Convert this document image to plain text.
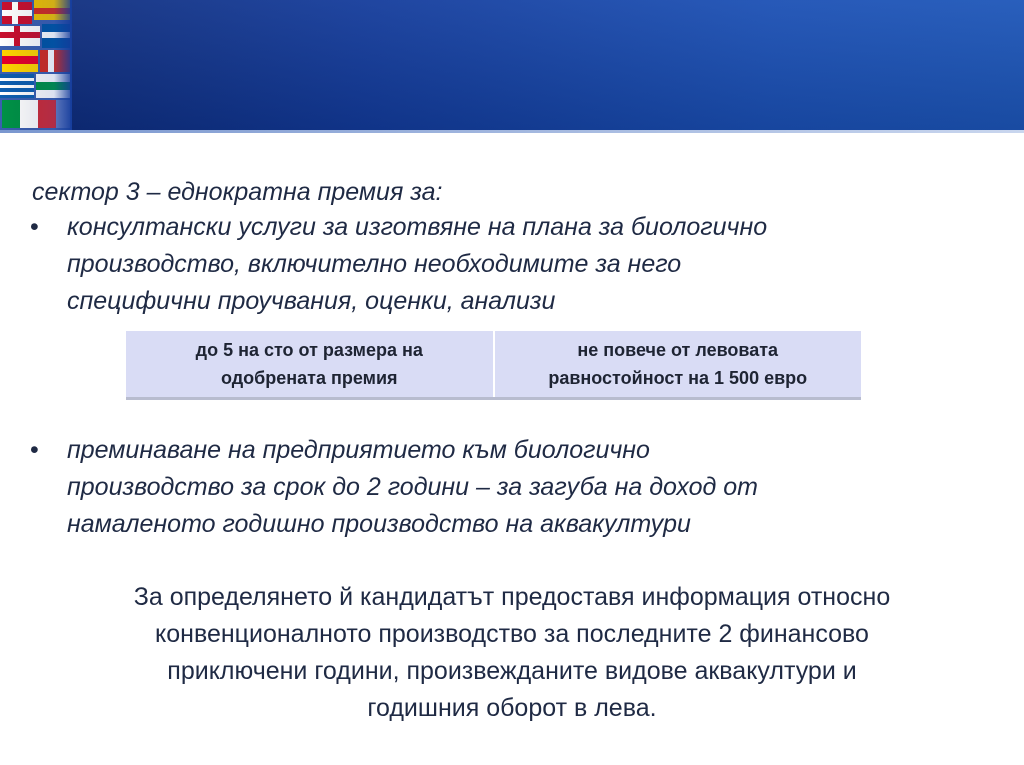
сектор 3 – еднократна премия за:

• консултански услуги за изготвяне на плана за биологично
производство, включително необходимите за него
специфични проучвания, оценки, анализи
до 5 на сто от размера на
одобрената премия
не повече от левовата
равностойност на 1 500 евро
• преминаване на предприятието към биологично
производство за срок до 2 години – за загуба на доход от
намаленото годишно производство на аквакултури
За определянето й кандидатът предоставя информация относно
конвенционалното производство за последните 2 финансово
приключени години, произвежданите видове аквакултури и
годишния оборот в лева.
